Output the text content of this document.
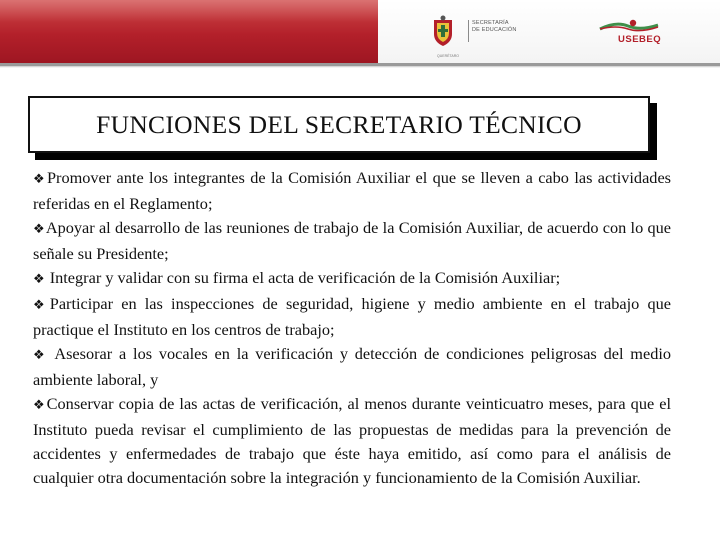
SECRETARÍA
DE EDUCACIÓN
QUERÉTARO
USEBEQ
FUNCIONES DEL SECRETARIO TÉCNICO

❖Promover ante los integrantes de la Comisión Auxiliar el que se lleven a cabo las actividades referidas en el Reglamento;

❖Apoyar al desarrollo de las reuniones de trabajo de la Comisión Auxiliar, de acuerdo con lo que señale su Presidente;

❖ Integrar y validar con su firma el acta de verificación de la Comisión Auxiliar;

❖Participar en las inspecciones de seguridad, higiene y medio ambiente en el trabajo que practique el Instituto en los centros de trabajo;

❖ Asesorar a los vocales en la verificación y detección de condiciones peligrosas del medio ambiente laboral, y

❖Conservar copia de las actas de verificación, al menos durante veinticuatro meses, para que el Instituto pueda revisar el cumplimiento de las propuestas de medidas para la prevención de accidentes y enfermedades de trabajo que éste haya emitido, así como para el análisis de cualquier otra documentación sobre la integración y funcionamiento de la Comisión Auxiliar.
